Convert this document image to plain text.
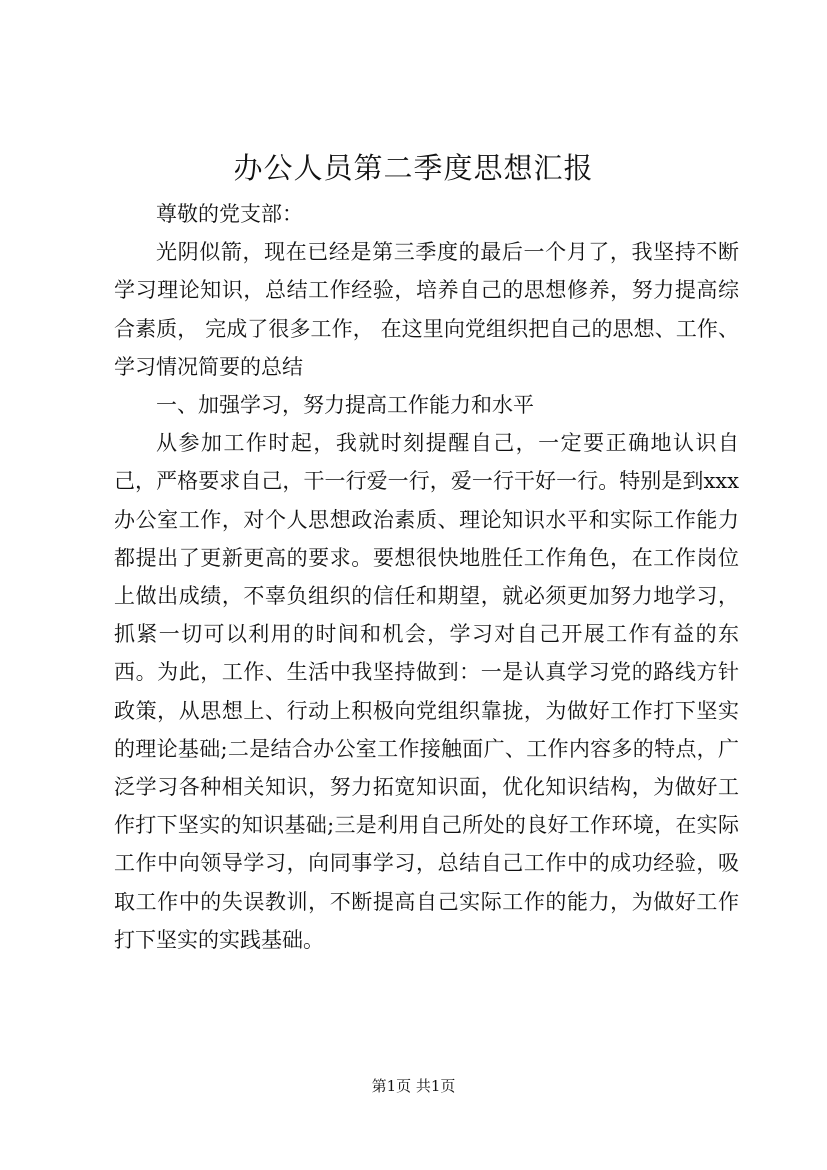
办公人员第二季度思想汇报

尊敬的党支部：

光阴似箭，现在已经是第三季度的最后一个月了，我坚持不断学习理论知识，总结工作经验，培养自己的思想修养，努力提高综合素质， 完成了很多工作， 在这里向党组织把自己的思想、工作、学习情况简要的总结

一、加强学习，努力提高工作能力和水平

从参加工作时起，我就时刻提醒自己，一定要正确地认识自己，严格要求自己，干一行爱一行，爱一行干好一行。特别是到xxx办公室工作，对个人思想政治素质、理论知识水平和实际工作能力都提出了更新更高的要求。要想很快地胜任工作角色，在工作岗位上做出成绩，不辜负组织的信任和期望，就必须更加努力地学习，抓紧一切可以利用的时间和机会，学习对自己开展工作有益的东西。为此，工作、生活中我坚持做到：一是认真学习党的路线方针政策，从思想上、行动上积极向党组织靠拢，为做好工作打下坚实的理论基础;二是结合办公室工作接触面广、工作内容多的特点，广泛学习各种相关知识，努力拓宽知识面，优化知识结构，为做好工作打下坚实的知识基础;三是利用自己所处的良好工作环境，在实际工作中向领导学习，向同事学习，总结自己工作中的成功经验，吸取工作中的失误教训，不断提高自己实际工作的能力，为做好工作打下坚实的实践基础。

第1页 共1页
